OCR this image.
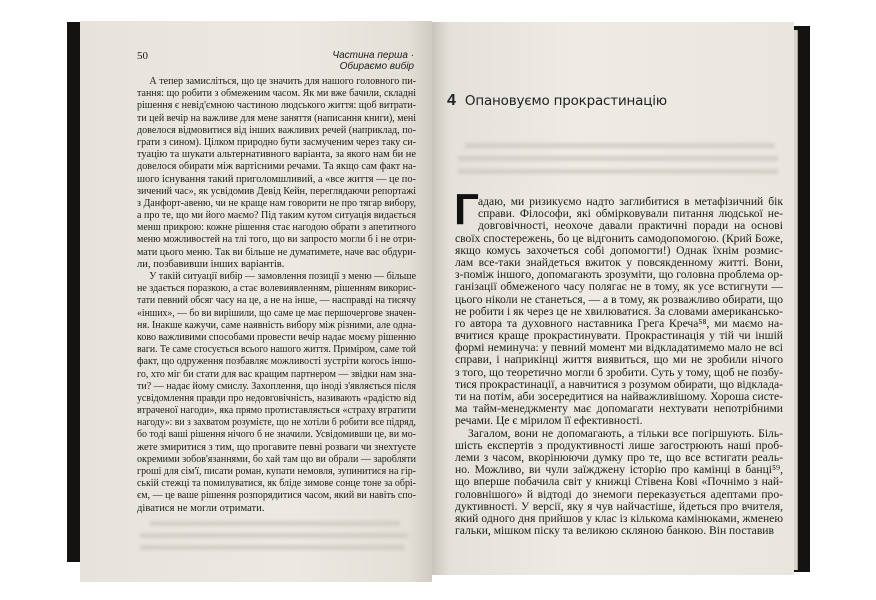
50	Частина перша · Обираємо вибір
А тепер замисліться, що це значить для нашого головного пи-
тання: що робити з обмеженим часом. Як ми вже бачили, складні
рішення є невід'ємною частиною людського життя: щоб витрати-
ти цей вечір на важливе для мене заняття (написання книги), мені
довелося відмовитися від інших важливих речей (наприклад, по-
грати з сином). Цілком природно бути засмученим через таку си-
туацію та шукати альтернативного варіанта, за якого нам би не
довелося обирати між вартісними речами. Та якщо сам факт на-
шого існування такий приголомшливий, а «все життя — це по-
зичений час», як усвідомив Девід Кейн, переглядаючи репортажі
з Данфорт-авеню, чи не краще нам говорити не про тягар вибору,
а про те, що ми його маємо? Під таким кутом ситуація видається
менш прикрою: кожне рішення стає нагодою обрати з апетитного
меню можливостей на тлі того, що ви запросто могли б і не отри-
мати цього меню. Так ви більше не думатимете, наче вас обдури-
ли, позбавивши інших варіантів.
У такій ситуації вибір — замовлення позиції з меню — більше
не здається поразкою, а стає волевиявленням, рішенням викорис-
тати певний обсяг часу на це, а не на інше, — насправді на тисячу
«інших», — бо ви вирішили, що саме це має першочергове значен-
ня. Інакше кажучи, саме наявність вибору між різними, але одна-
ково важливими способами провести вечір надає моєму рішенню
ваги. Те саме стосується всього нашого життя. Приміром, саме той
факт, що одруження позбавляє можливості зустріти когось іншо-
го, хто міг би стати для вас кращим партнером — звідки нам зна-
ти? — надає йому смислу. Захоплення, що іноді з'являється після
усвідомлення правди про недовговічність, називають «радістю від
втраченої нагоди», яка прямо протиставляється «страху втратити
нагоду»: ви з захватом розумієте, що не хотіли б робити все підряд,
бо тоді ваші рішення нічого б не значили. Усвідомивши це, ви мо-
жете змиритися з тим, що прогавите певні розваги чи знехтуєте
окремими зобов'язаннями, бо хай там що ви обрали — заробляти
гроші для сім'ї, писати роман, купати немовля, зупинитися на гір-
ській стежці та помилуватися, як бліде зимове сонце тоне за обрі-
єм, — це ваше рішення розпорядитися часом, який ви навіть спо-
діватися не могли отримати.
4 Опановуємо прокрастинацію
Г адаю, ми ризикуємо надто заглибитися в метафізичний бік
справи. Філософи, які обмірковували питання людської не-
довговічності, неохоче давали практичні поради на основі
своїх спостережень, бо це відгонить самодопомогою. (Крий Боже,
якщо комусь захочеться собі допомогти!) Однак їхнім розмис-
лам все-таки знайдеться вжиток у повсякденному житті. Вони,
з-поміж іншого, допомагають зрозуміти, що головна проблема ор-
ганізації обмеженого часу полягає не в тому, як усе встигнути —
цього ніколи не станеться, — а в тому, як розважливо обирати, що
не робити і як через це не хвилюватися. За словами американсько-
го автора та духовного наставника Грега Креча⁵⁸, ми маємо на-
вчитися краще прокрастинувати. Прокрастинація у тій чи іншій
формі неминуча: у певний момент ми відкладатимемо мало не всі
справи, і наприкінці життя виявиться, що ми не зробили нічого
з того, що теоретично могли б зробити. Суть у тому, щоб не позбу-
тися прокрастинації, а навчитися з розумом обирати, що відклада-
ти на потім, аби зосередитися на найважливішому. Хороша систе-
ма тайм-менеджменту має допомагати нехтувати непотрібними
речами. Це є мірилом її ефективності.
Загалом, вони не допомагають, а тільки все погіршують. Біль-
шість експертів з продуктивності лише загострюють наші проб-
леми з часом, вкорінюючи думку про те, що все встигати реаль-
но. Можливо, ви чули заїжджену історію про камінці в банці⁵⁹,
що вперше побачила світ у книжці Стівена Кові «Почнімо з най-
головнішого» й відтоді до знемоги переказується адептами про-
дуктивності. У версії, яку я чув найчастіше, йдеться про вчителя,
який одного дня прийшов у клас із кількома камінюками, жменею
гальки, мішком піску та великою скляною банкою. Він поставив
